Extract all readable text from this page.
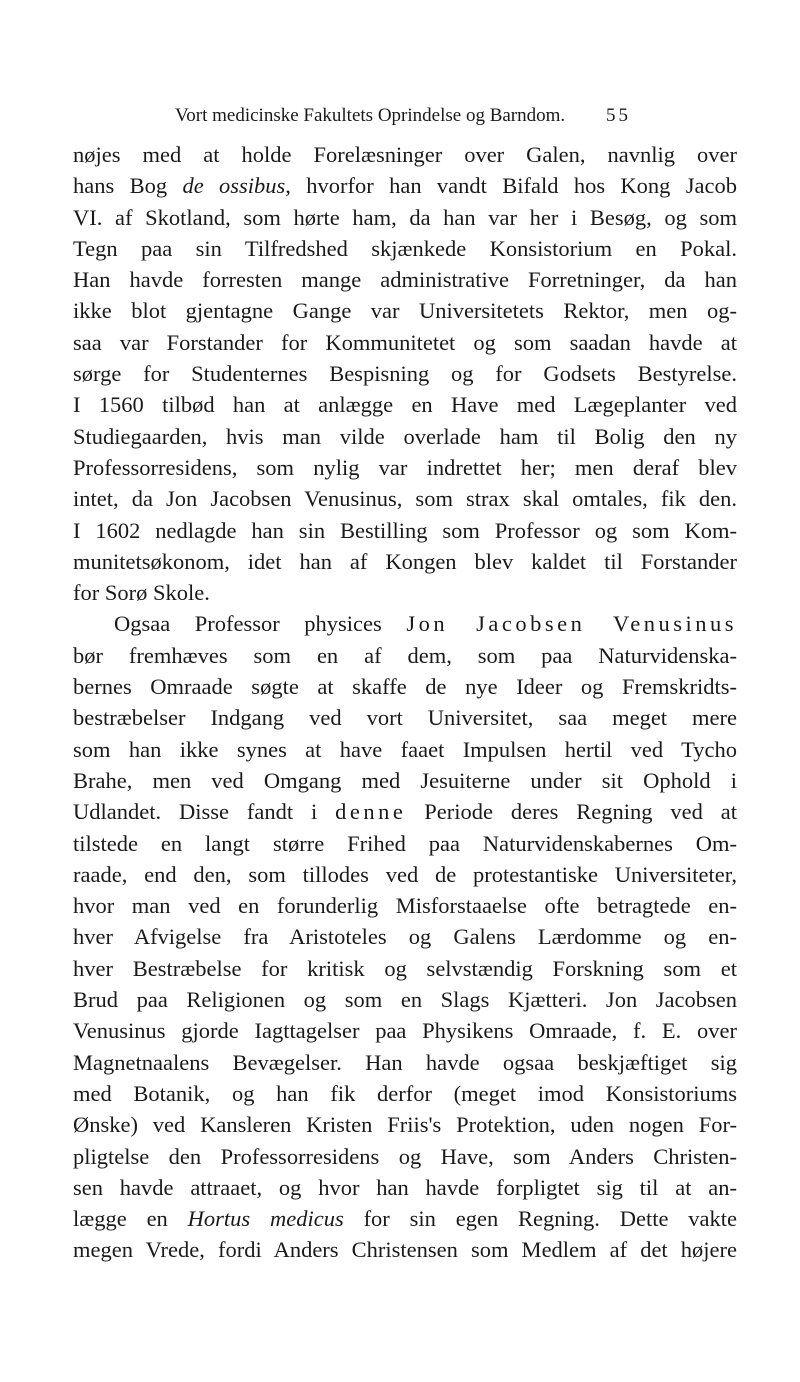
Vort medicinske Fakultets Oprindelse og Barndom.	55
nøjes med at holde Forelæsninger over Galen, navnlig over
hans Bog de ossibus, hvorfor han vandt Bifald hos Kong Jacob
VI. af Skotland, som hørte ham, da han var her i Besøg, og som
Tegn paa sin Tilfredshed skjænkede Konsistorium en Pokal.
Han havde forresten mange administrative Forretninger, da han
ikke blot gjentagne Gange var Universitetets Rektor, men og-
saa var Forstander for Kommunitetet og som saadan havde at
sørge for Studenternes Bespisning og for Godsets Bestyrelse.
I 1560 tilbød han at anlægge en Have med Lægeplanter ved
Studiegaarden, hvis man vilde overlade ham til Bolig den ny
Professorresidens, som nylig var indrettet her; men deraf blev
intet, da Jon Jacobsen Venusinus, som strax skal omtales, fik den.
I 1602 nedlagde han sin Bestilling som Professor og som Kom-
munitetsøkonom, idet han af Kongen blev kaldet til Forstander
for Sorø Skole.
Ogsaa Professor physices Jon Jacobsen Venusinus
bør fremhæves som en af dem, som paa Naturvidenska-
bernes Omraade søgte at skaffe de nye Ideer og Fremskridts-
bestræbelser Indgang ved vort Universitet, saa meget mere
som han ikke synes at have faaet Impulsen hertil ved Tycho
Brahe, men ved Omgang med Jesuiterne under sit Ophold i
Udlandet. Disse fandt i denne Periode deres Regning ved at
tilstede en langt større Frihed paa Naturvidenskabernes Om-
raade, end den, som tillodes ved de protestantiske Universiteter,
hvor man ved en forunderlig Misforstaaelse ofte betragtede en-
hver Afvigelse fra Aristoteles og Galens Lærdomme og en-
hver Bestræbelse for kritisk og selvstændig Forskning som et
Brud paa Religionen og som en Slags Kjætteri. Jon Jacobsen
Venusinus gjorde Iagttagelser paa Physikens Omraade, f. E. over
Magnetnaalens Bevægelser. Han havde ogsaa beskjæftiget sig
med Botanik, og han fik derfor (meget imod Konsistoriums
Ønske) ved Kansleren Kristen Friis's Protektion, uden nogen For-
pligtelse den Professorresidens og Have, som Anders Christen-
sen havde attraaet, og hvor han havde forpligtet sig til at an-
lægge en Hortus medicus for sin egen Regning. Dette vakte
megen Vrede, fordi Anders Christensen som Medlem af det højere
